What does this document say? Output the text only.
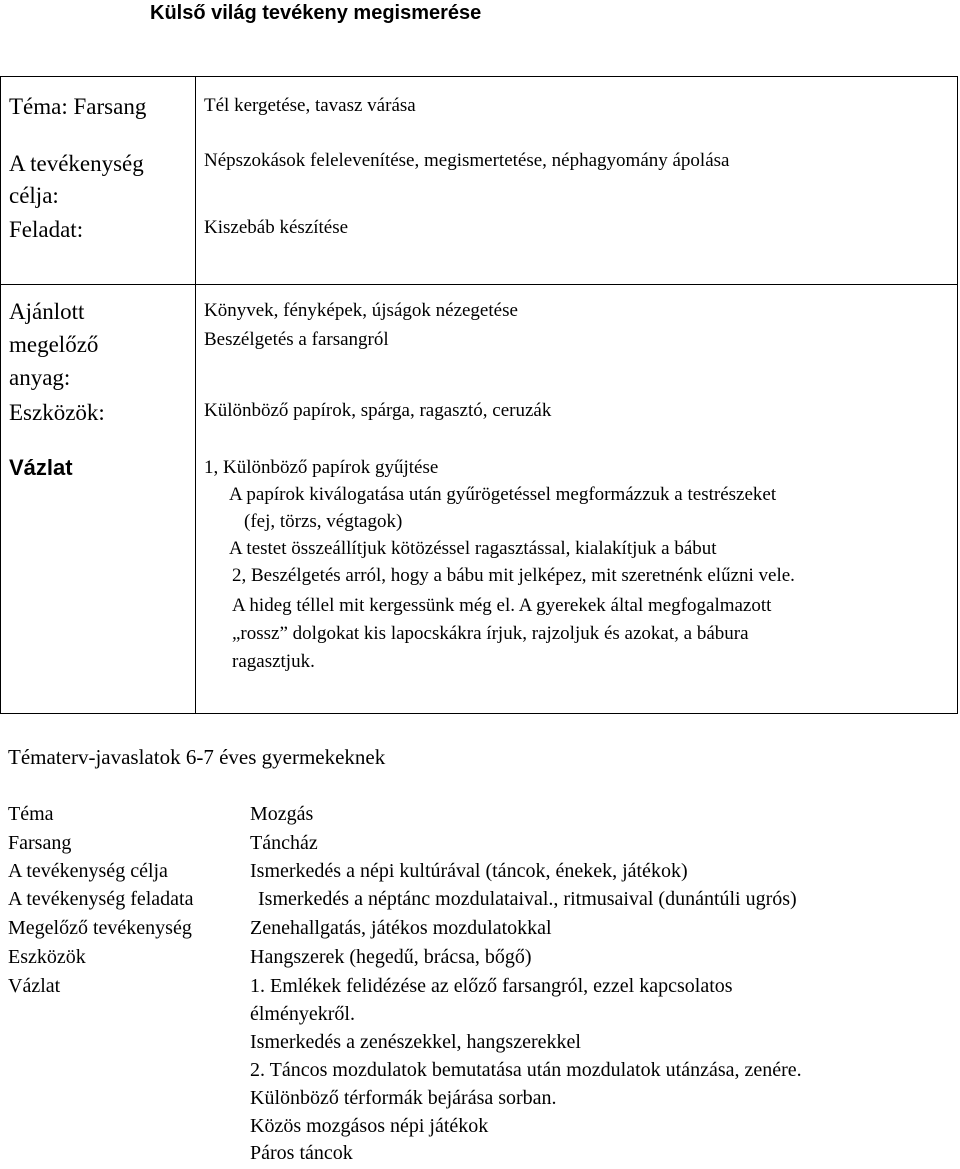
Külső világ tevékeny megismerése
Téma: Farsang	Tél kergetése, tavasz várása
A tevékenység
célja:
Népszokások felelevenítése, megismertetése, néphagyomány ápolása
Feladat:	Kiszebáb készítése
Ajánlott
megelőző
anyag:
Könyvek, fényképek, újságok nézegetése
Beszélgetés a farsangról
Eszközök:	Különböző papírok, spárga, ragasztó, ceruzák
Vázlat	1, Különböző papírok gyűjtése
A papírok kiválogatása után gyűrögetéssel megformázzuk a testrészeket
(fej, törzs, végtagok)
A testet összeállítjuk kötözéssel ragasztással, kialakítjuk a bábut
2, Beszélgetés arról, hogy a bábu mit jelképez, mit szeretnénk elűzni vele.
A hideg téllel mit kergessünk még el. A gyerekek által megfogalmazott
„rossz” dolgokat kis lapocskákra írjuk, rajzoljuk és azokat, a bábura
ragasztjuk.
Tématerv-javaslatok 6-7 éves gyermekeknek
Téma	Mozgás
Farsang	Táncház
A tevékenység célja	Ismerkedés a népi kultúrával (táncok, énekek, játékok)
A tevékenység feladata	Ismerkedés a néptánc mozdulataival., ritmusaival (dunántúli ugrós)
Megelőző tevékenység	Zenehallgatás, játékos mozdulatokkal
Eszközök	Hangszerek (hegedű, brácsa, bőgő)
Vázlat	1. Emlékek felidézése az előző farsangról, ezzel kapcsolatos
élményekről.
Ismerkedés a zenészekkel, hangszerekkel
2. Táncos mozdulatok bemutatása után mozdulatok utánzása, zenére.
Különböző térformák bejárása sorban.
Közös mozgásos népi játékok
Páros táncok
